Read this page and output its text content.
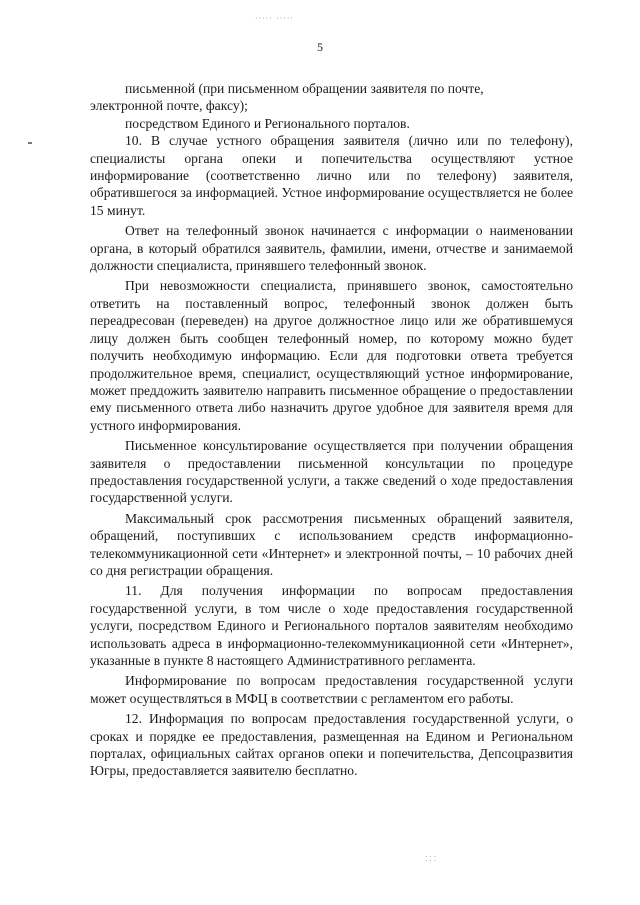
····· ·····
5

письменной (при письменном обращении заявителя по почте,

электронной почте, факсу);

посредством Единого и Регионального порталов.

10. В случае устного обращения заявителя (лично или по телефону), специалисты органа опеки и попечительства осуществляют устное информирование (соответственно лично или по телефону) заявителя, обратившегося за информацией. Устное информирование осуществляется не более 15 минут.

Ответ на телефонный звонок начинается с информации о наименовании органа, в который обратился заявитель, фамилии, имени, отчестве и занимаемой должности специалиста, принявшего телефонный звонок.

При невозможности специалиста, принявшего звонок, самостоятельно ответить на поставленный вопрос, телефонный звонок должен быть переадресован (переведен) на другое должностное лицо или же обратившемуся лицу должен быть сообщен телефонный номер, по которому можно будет получить необходимую информацию. Если для подготовки ответа требуется продолжительное время, специалист, осуществляющий устное информирование, может преддожить заявителю направить письменное обращение о предоставлении ему письменного ответа либо назначить другое удобное для заявителя время для устного информирования.

Письменное консультирование осуществляется при получении обращения заявителя о предоставлении письменной консультации по процедуре предоставления государственной услуги, а также сведений о ходе предоставления государственной услуги.

Максимальный срок рассмотрения письменных обращений заявителя, обращений, поступивших с использованием средств информационно-телекоммуникационной сети «Интернет» и электронной почты, – 10 рабочих дней со дня регистрации обращения.

11. Для получения информации по вопросам предоставления государственной услуги, в том числе о ходе предоставления государственной услуги, посредством Единого и Регионального порталов заявителям необходимо использовать адреса в информационно-телекоммуникационной сети «Интернет», указанные в пункте 8 настоящего Административного регламента.

Информирование по вопросам предоставления государственной услуги может осуществляться в МФЦ в соответствии с регламентом его работы.

12. Информация по вопросам предоставления государственной услуги, о сроках и порядке ее предоставления, размещенная на Едином и Региональном порталах, официальных сайтах органов опеки и попечительства, Депсоцразвития Югры, предоставляется заявителю бесплатно.

⁚ ⁚ ⁚
